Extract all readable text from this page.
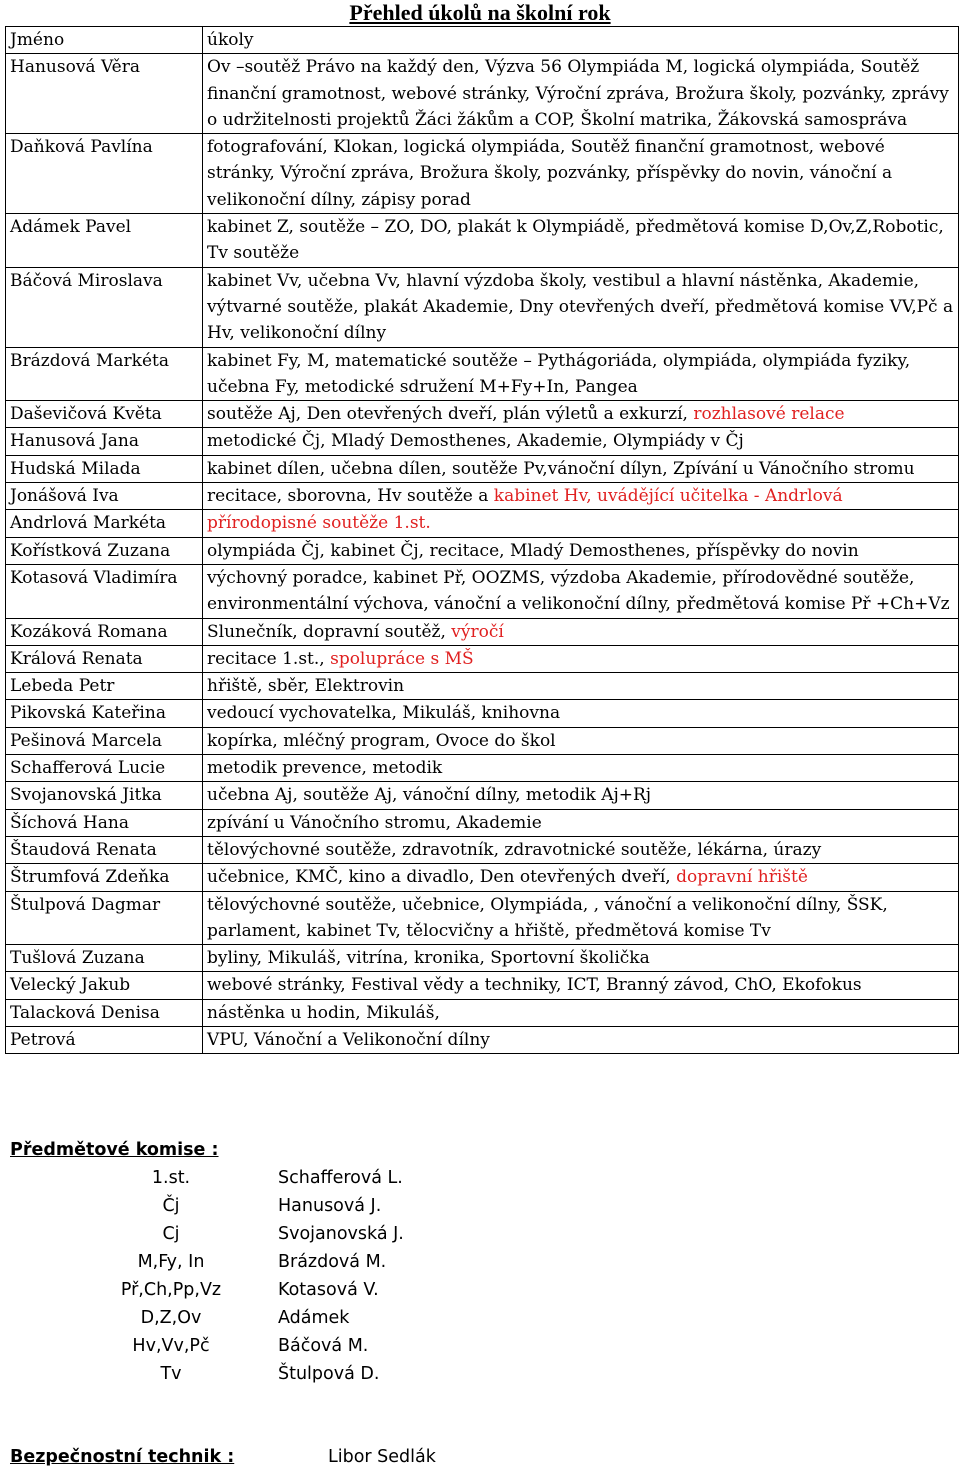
Přehled úkolů na školní rok
Jméno	úkoly
Hanusová Věra	Ov –soutěž Právo na každý den, Výzva 56 Olympiáda M, logická olympiáda, Soutěž finanční gramotnost, webové stránky, Výroční zpráva, Brožura školy, pozvánky, zprávy o udržitelnosti projektů Žáci žákům a COP, Školní matrika, Žákovská samospráva
Daňková Pavlína	fotografování, Klokan, logická olympiáda, Soutěž finanční gramotnost, webové stránky, Výroční zpráva, Brožura školy, pozvánky, příspěvky do novin, vánoční a velikonoční dílny, zápisy porad
Adámek Pavel	kabinet Z, soutěže – ZO, DO, plakát k Olympiádě, předmětová komise D,Ov,Z,Robotic, Tv soutěže
Báčová Miroslava	kabinet Vv, učebna Vv, hlavní výzdoba školy, vestibul a hlavní nástěnka, Akademie, výtvarné soutěže, plakát Akademie, Dny otevřených dveří, předmětová komise VV,Pč a Hv, velikonoční dílny
Brázdová Markéta	kabinet Fy, M, matematické soutěže – Pythágoriáda, olympiáda, olympiáda fyziky, učebna Fy, metodické sdružení M+Fy+In, Pangea
Daševičová Květa	soutěže Aj, Den otevřených dveří, plán výletů a exkurzí, rozhlasové relace
Hanusová Jana	metodické Čj, Mladý Demosthenes, Akademie, Olympiády v Čj
Hudská Milada	kabinet dílen, učebna dílen, soutěže Pv,vánoční dílyn, Zpívání u Vánočního stromu
Jonášová Iva	recitace, sborovna, Hv soutěže a kabinet Hv, uvádějící učitelka - Andrlová
Andrlová Markéta	přírodopisné soutěže 1.st.
Kořístková Zuzana	olympiáda Čj, kabinet Čj, recitace, Mladý Demosthenes, příspěvky do novin
Kotasová Vladimíra	výchovný poradce, kabinet Př, OOZMS, výzdoba Akademie, přírodovědné soutěže, environmentální výchova, vánoční a velikonoční dílny, předmětová komise Př +Ch+Vz
Kozáková Romana	Slunečník, dopravní soutěž, výročí
Králová Renata	recitace 1.st., spolupráce s MŠ
Lebeda Petr	hřiště, sběr, Elektrovin
Pikovská Kateřina	vedoucí vychovatelka, Mikuláš, knihovna
Pešinová Marcela	kopírka, mléčný program, Ovoce do škol
Schafferová Lucie	metodik prevence, metodik
Svojanovská Jitka	učebna Aj, soutěže Aj, vánoční dílny, metodik Aj+Rj
Šíchová Hana	zpívání u Vánočního stromu, Akademie
Štaudová Renata	tělovýchovné soutěže, zdravotník, zdravotnické soutěže, lékárna, úrazy
Štrumfová Zdeňka	učebnice, KMČ, kino a divadlo, Den otevřených dveří, dopravní hřiště
Štulpová Dagmar	tělovýchovné soutěže, učebnice, Olympiáda, , vánoční a velikonoční dílny, ŠSK, parlament, kabinet Tv, tělocvičny a hřiště, předmětová komise Tv
Tušlová Zuzana	byliny, Mikuláš, vitrína, kronika, Sportovní školička
Velecký Jakub	webové stránky, Festival vědy a techniky, ICT, Branný závod, ChO, Ekofokus
Talacková Denisa	nástěnka u hodin, Mikuláš,
Petrová	VPU, Vánoční a Velikonoční dílny
Předmětové komise :
1.st.	Schafferová L.
Čj	Hanusová J.
Cj	Svojanovská J.
M,Fy, In	Brázdová M.
Př,Ch,Pp,Vz	Kotasová V.
D,Z,Ov	Adámek
Hv,Vv,Pč	Báčová M.
Tv	Štulpová D.
Bezpečnostní technik :	Libor Sedlák
